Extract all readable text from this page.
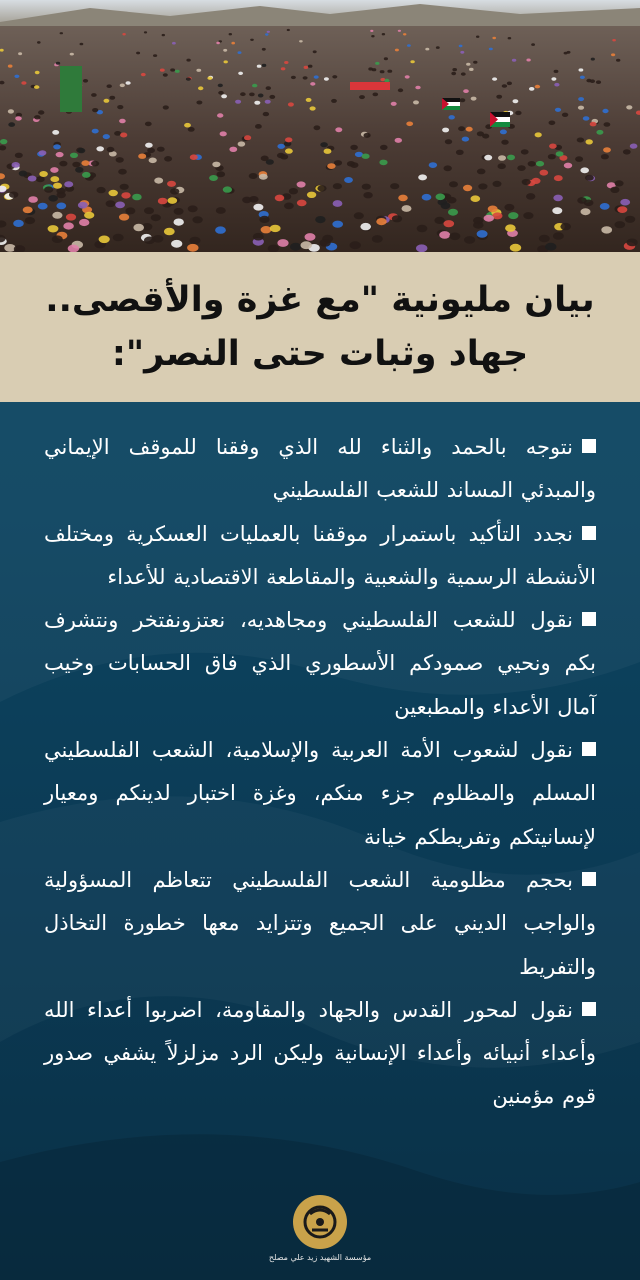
بيان مليونية "مع غزة والأقصى..
جهاد وثبات حتى النصر":
نتوجه بالحمد والثناء لله الذي وفقنا للموقف الإيماني والمبدئي المساند للشعب الفلسطيني
نجدد التأكيد باستمرار موقفنا بالعمليات العسكرية ومختلف الأنشطة الرسمية والشعبية والمقاطعة الاقتصادية للأعداء
نقول للشعب الفلسطيني ومجاهديه، نعتزونفتخر ونتشرف بكم ونحيي صمودكم الأسطوري الذي فاق الحسابات وخيب آمال الأعداء والمطبعين
نقول لشعوب الأمة العربية والإسلامية، الشعب الفلسطيني المسلم والمظلوم جزء منكم، وغزة اختبار لدينكم ومعيار لإنسانيتكم وتفريطكم خيانة
بحجم مظلومية الشعب الفلسطيني تتعاظم المسؤولية والواجب الديني على الجميع وتتزايد معها خطورة التخاذل والتفريط
نقول لمحور القدس والجهاد والمقاومة، اضربوا أعداء الله وأعداء أنبيائه وأعداء الإنسانية وليكن الرد مزلزلاً يشفي صدور قوم مؤمنين
مؤسسة الشهيد زيد علي مصلح
